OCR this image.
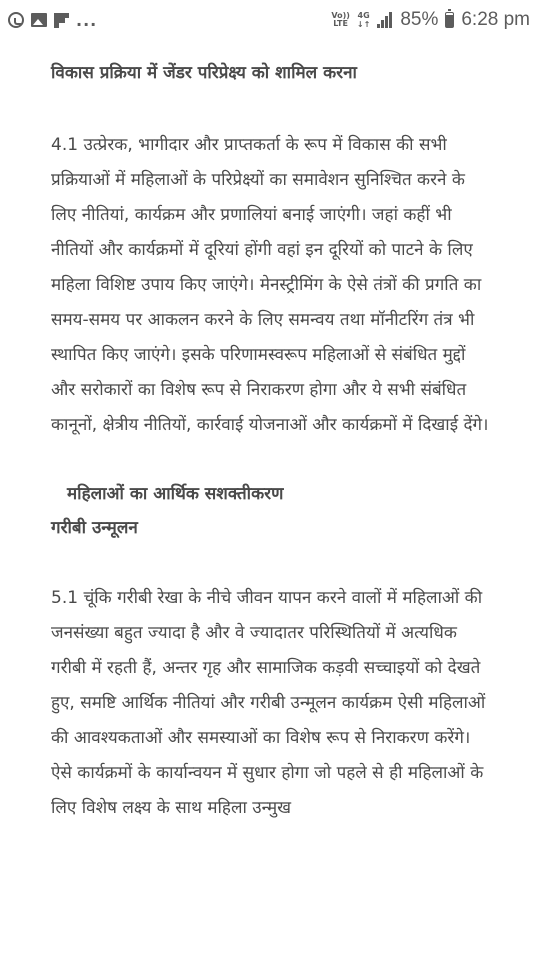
...	Vo))
LTE
4G
↓↑ 85% 6:28 pm

विकास प्रक्रिया में जेंडर परिप्रेक्ष्य को शामिल करना

4.1 उत्प्रेरक, भागीदार और प्राप्तकर्ता के रूप में विकास की सभी प्रक्रियाओं में महिलाओं के परिप्रेक्ष्यों का समावेशन सुनिश्चित करने के लिए नीतियां, कार्यक्रम और प्रणालियां बनाई जाएंगी। जहां कहीं भी नीतियों और कार्यक्रमों में दूरियां होंगी वहां इन दूरियों को पाटने के लिए महिला विशिष्ट उपाय किए जाएंगे। मेनस्ट्रीमिंग के ऐसे तंत्रों की प्रगति का समय-समय पर आकलन करने के लिए समन्वय तथा मॉनीटरिंग तंत्र भी स्थापित किए जाएंगे। इसके परिणामस्वरूप महिलाओं से संबंधित मुद्दों और सरोकारों का विशेष रूप से निराकरण होगा और ये सभी संबंधित कानूनों, क्षेत्रीय नीतियों, कार्रवाई योजनाओं और कार्यक्रमों में दिखाई देंगे।

महिलाओं का आर्थिक सशक्तीकरण

गरीबी उन्मूलन

5.1 चूंकि गरीबी रेखा के नीचे जीवन यापन करने वालों में महिलाओं की जनसंख्या बहुत ज्यादा है और वे ज्यादातर परिस्थितियों में अत्यधिक गरीबी में रहती हैं, अन्तर गृह और सामाजिक कड़वी सच्चाइयों को देखते हुए, समष्टि आर्थिक नीतियां और गरीबी उन्मूलन कार्यक्रम ऐसी महिलाओं की आवश्यकताओं और समस्याओं का विशेष रूप से निराकरण करेंगे। ऐसे कार्यक्रमों के कार्यान्वयन में सुधार होगा जो पहले से ही महिलाओं के लिए विशेष लक्ष्य के साथ महिला उन्मुख
